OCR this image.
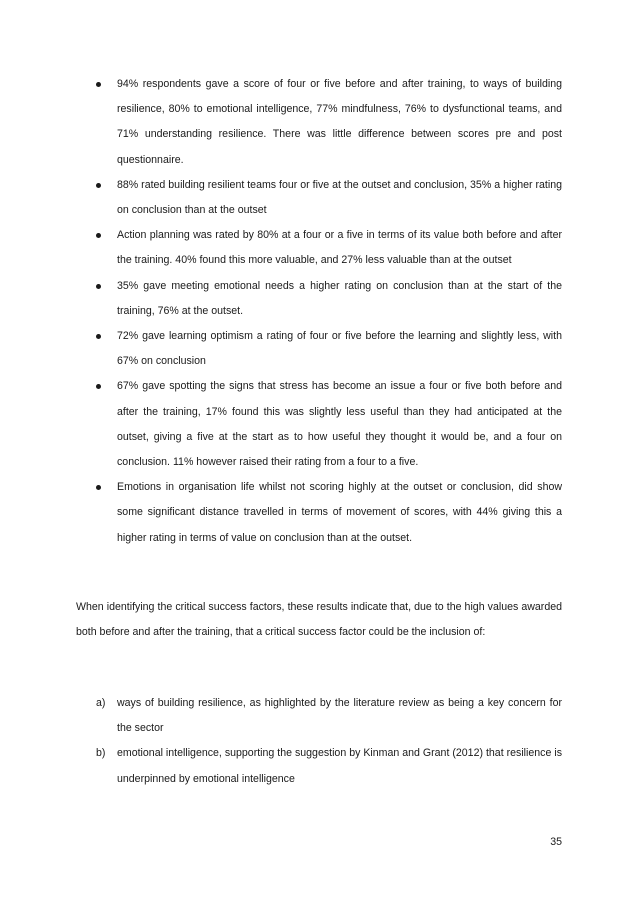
94% respondents gave a score of four or five before and after training, to ways of building resilience, 80% to emotional intelligence, 77% mindfulness, 76% to dysfunctional teams, and 71% understanding resilience. There was little difference between scores pre and post questionnaire.
88% rated building resilient teams four or five at the outset and conclusion, 35% a higher rating on conclusion than at the outset
Action planning was rated by 80% at a four or a five in terms of its value both before and after the training. 40% found this more valuable, and 27% less valuable than at the outset
35% gave meeting emotional needs a higher rating on conclusion than at the start of the training, 76% at the outset.
72% gave learning optimism a rating of four or five before the learning and slightly less, with 67% on conclusion
67% gave spotting the signs that stress has become an issue a four or five both before and after the training, 17% found this was slightly less useful than they had anticipated at the outset, giving a five at the start as to how useful they thought it would be, and a four on conclusion. 11% however raised their rating from a four to a five.
Emotions in organisation life whilst not scoring highly at the outset or conclusion, did show some significant distance travelled in terms of movement of scores, with 44% giving this a higher rating in terms of value on conclusion than at the outset.

When identifying the critical success factors, these results indicate that, due to the high values awarded both before and after the training, that a critical success factor could be the inclusion of:

a) ways of building resilience, as highlighted by the literature review as being a key concern for the sector
b) emotional intelligence, supporting the suggestion by Kinman and Grant (2012) that resilience is underpinned by emotional intelligence
35
